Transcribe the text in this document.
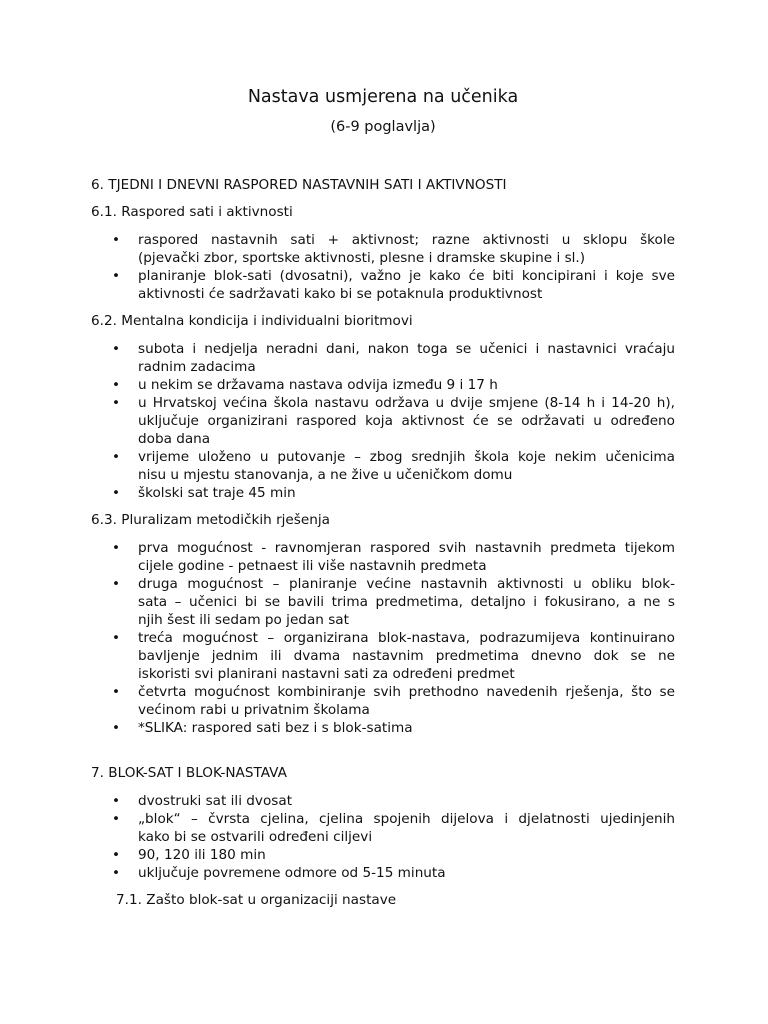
Nastava usmjerena na učenika
(6-9 poglavlja)
6. TJEDNI I DNEVNI RASPORED NASTAVNIH SATI I AKTIVNOSTI
6.1. Raspored sati i aktivnosti
• raspored nastavnih sati + aktivnost; razne aktivnosti u sklopu škole
(pjevački zbor, sportske aktivnosti, plesne i dramske skupine i sl.)
• planiranje blok-sati (dvosatni), važno je kako će biti koncipirani i koje sve
aktivnosti će sadržavati kako bi se potaknula produktivnost
6.2. Mentalna kondicija i individualni bioritmovi
• subota i nedjelja neradni dani, nakon toga se učenici i nastavnici vraćaju
radnim zadacima
• u nekim se državama nastava odvija između 9 i 17 h
• u Hrvatskoj većina škola nastavu održava u dvije smjene (8-14 h i 14-20 h),
uključuje organizirani raspored koja aktivnost će se održavati u određeno
doba dana
• vrijeme uloženo u putovanje – zbog srednjih škola koje nekim učenicima
nisu u mjestu stanovanja, a ne žive u učeničkom domu
• školski sat traje 45 min
6.3. Pluralizam metodičkih rješenja
• prva mogućnost - ravnomjeran raspored svih nastavnih predmeta tijekom
cijele godine - petnaest ili više nastavnih predmeta
• druga mogućnost – planiranje većine nastavnih aktivnosti u obliku blok-
sata – učenici bi se bavili trima predmetima, detaljno i fokusirano, a ne s
njih šest ili sedam po jedan sat
• treća mogućnost – organizirana blok-nastava, podrazumijeva kontinuirano
bavljenje jednim ili dvama nastavnim predmetima dnevno dok se ne
iskoristi svi planirani nastavni sati za određeni predmet
• četvrta mogućnost kombiniranje svih prethodno navedenih rješenja, što se
većinom rabi u privatnim školama
• *SLIKA: raspored sati bez i s blok-satima
7. BLOK-SAT I BLOK-NASTAVA
• dvostruki sat ili dvosat
• „blok“ – čvrsta cjelina, cjelina spojenih dijelova i djelatnosti ujedinjenih
kako bi se ostvarili određeni ciljevi
• 90, 120 ili 180 min
• uključuje povremene odmore od 5-15 minuta
7.1. Zašto blok-sat u organizaciji nastave
